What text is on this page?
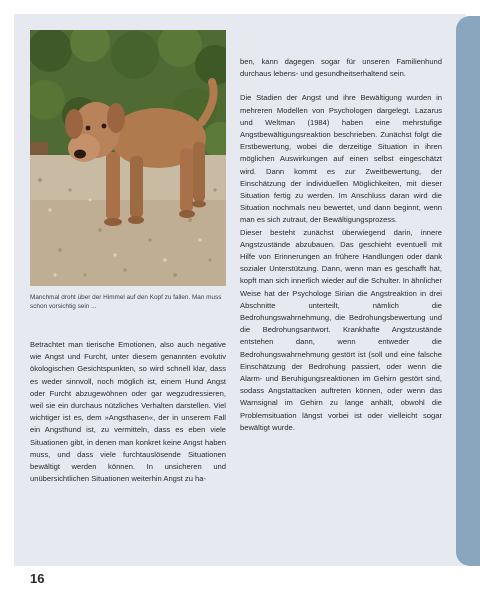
Manchmal droht über der Himmel auf den Kopf zu fallen. Man muss schon vorsichtig sein ...

Betrachtet man tierische Emotionen, also auch negative wie Angst und Furcht, unter diesem genannten evolutiv ökologischen Gesichtspunkten, so wird schnell klar, dass es weder sinnvoll, noch möglich ist, einem Hund Angst oder Furcht abzugewöhnen oder gar wegzudressieren, weil sie ein durchaus nützliches Verhalten darstellen. Viel wichtiger ist es, dem »Angsthasen«, der in unserem Fall ein Angsthund ist, zu vermitteln, dass es eben viele Situationen gibt, in denen man konkret keine Angst haben muss, und dass viele furchtauslösende Situationen bewältigt werden können. In unsicheren und unübersichtlichen Situationen weiterhin Angst zu ha-

ben, kann dagegen sogar für unseren Familienhund durchaus lebens- und gesundheitserhaltend sein.

Die Stadien der Angst und ihre Bewältigung wurden in mehreren Modellen von Psychologen dargelegt. Lazarus und Weltman (1984) haben eine mehrstufige Angstbewältigungsreaktion beschrieben. Zunächst folgt die Erstbewertung, wobei die derzeitige Situation in ihren möglichen Auswirkungen auf einen selbst eingeschätzt wird. Dann kommt es zur Zweitbewertung, der Einschätzung der individuellen Möglichkeiten, mit dieser Situation fertig zu werden. Im Anschluss daran wird die Situation nochmals neu bewertet, und dann beginnt, wenn man es sich zutraut, der Bewältigungsprozess.

Dieser besteht zunächst überwiegend darin, innere Angstzustände abzubauen. Das geschieht eventuell mit Hilfe von Erinnerungen an frühere Handlungen oder dank sozialer Unterstützung. Dann, wenn man es geschafft hat, kopft man sich innerlich wieder auf die Schulter. In ähnlicher Weise hat der Psychologe Sirian die Angstreaktion in drei Abschnitte unterteilt, nämlich die Bedrohungswahrnehmung, die Bedrohungsbewertung und die Bedrohungsantwort. Krankhafte Angstzustände entstehen dann, wenn entweder die Bedrohungswahrnehmung gestört ist (soll und eine falsche Einschätzung der Bedrohung passiert, oder wenn die Alarm- und Beruhigungsreaktionen im Gehirn gestört sind, sodass Angstattacken auftreten können, oder wenn das Warnsignal im Gehirn zu lange anhält, obwohl die Problemsituation längst vorbei ist oder vielleicht sogar bewältigt wurde.

16
